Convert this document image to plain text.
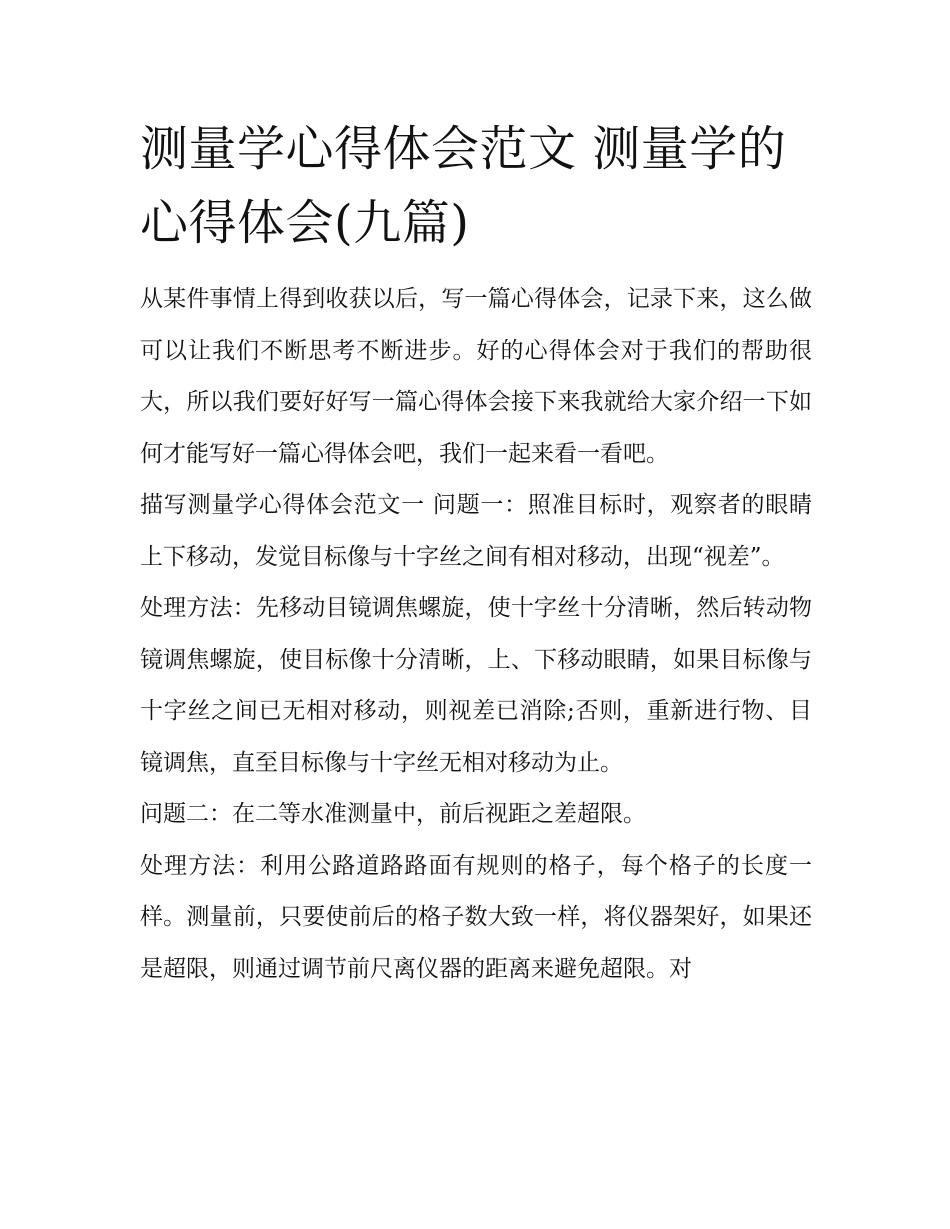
测量学心得体会范文 测量学的心得体会(九篇)

从某件事情上得到收获以后，写一篇心得体会，记录下来，这么做可以让我们不断思考不断进步。好的心得体会对于我们的帮助很大，所以我们要好好写一篇心得体会接下来我就给大家介绍一下如何才能写好一篇心得体会吧，我们一起来看一看吧。

描写测量学心得体会范文一 问题一：照准目标时，观察者的眼睛上下移动，发觉目标像与十字丝之间有相对移动，出现“视差”。

处理方法：先移动目镜调焦螺旋，使十字丝十分清晰，然后转动物镜调焦螺旋，使目标像十分清晰，上、下移动眼睛，如果目标像与十字丝之间已无相对移动，则视差已消除;否则，重新进行物、目镜调焦，直至目标像与十字丝无相对移动为止。

问题二：在二等水准测量中，前后视距之差超限。

处理方法：利用公路道路路面有规则的格子，每个格子的长度一样。测量前，只要使前后的格子数大致一样，将仪器架好，如果还是超限，则通过调节前尺离仪器的距离来避免超限。对
